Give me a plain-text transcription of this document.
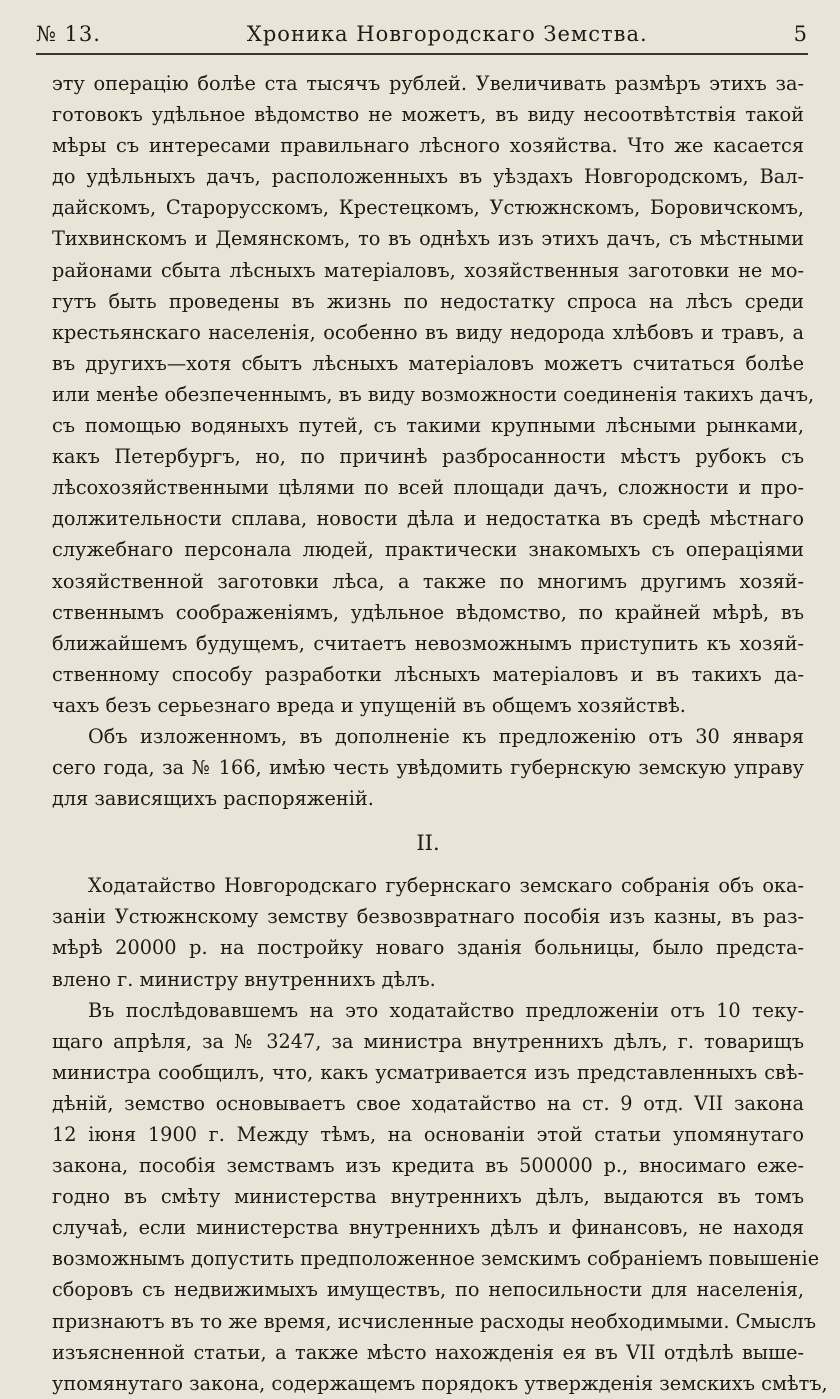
№ 13.	Хроника Новгородскаго Земства.	5
эту операцію болѣе ста тысячъ рублей. Увеличивать размѣръ этихъ за-
готовокъ удѣльное вѣдомство не можетъ, въ виду несоотвѣтствія такой
мѣры съ интересами правильнаго лѣсного хозяйства. Что же касается
до удѣльныхъ дачъ, расположенныхъ въ уѣздахъ Новгородскомъ, Вал-
дайскомъ, Старорусскомъ, Крестецкомъ, Устюжнскомъ, Боровичскомъ,
Тихвинскомъ и Демянскомъ, то въ однѣхъ изъ этихъ дачъ, съ мѣстными
районами сбыта лѣсныхъ матеріаловъ, хозяйственныя заготовки не мо-
гутъ быть проведены въ жизнь по недостатку спроса на лѣсъ среди
крестьянскаго населенія, особенно въ виду недорода хлѣбовъ и травъ, а
въ другихъ—хотя сбытъ лѣсныхъ матеріаловъ можетъ считаться болѣе
или менѣе обезпеченнымъ, въ виду возможности соединенія такихъ дачъ,
съ помощью водяныхъ путей, съ такими крупными лѣсными рынками,
какъ Петербургъ, но, по причинѣ разбросанности мѣстъ рубокъ съ
лѣсохозяйственными цѣлями по всей площади дачъ, сложности и про-
должительности сплава, новости дѣла и недостатка въ средѣ мѣстнаго
служебнаго персонала людей, практически знакомыхъ съ операціями
хозяйственной заготовки лѣса, а также по многимъ другимъ хозяй-
ственнымъ соображеніямъ, удѣльное вѣдомство, по крайней мѣрѣ, въ
ближайшемъ будущемъ, считаетъ невозможнымъ приступить къ хозяй-
ственному способу разработки лѣсныхъ матеріаловъ и въ такихъ да-
чахъ безъ серьезнаго вреда и упущеній въ общемъ хозяйствѣ.
Объ изложенномъ, въ дополненіе къ предложенію отъ 30 января
сего года, за № 166, имѣю честь увѣдомить губернскую земскую управу
для зависящихъ распоряженій.
II.
Ходатайство Новгородскаго губернскаго земскаго собранія объ ока-
заніи Устюжнскому земству безвозвратнаго пособія изъ казны, въ раз-
мѣрѣ 20000 р. на постройку новаго зданія больницы, было предста-
влено г. министру внутреннихъ дѣлъ.
Въ послѣдовавшемъ на это ходатайство предложеніи отъ 10 теку-
щаго апрѣля, за № 3247, за министра внутреннихъ дѣлъ, г. товарищъ
министра сообщилъ, что, какъ усматривается изъ представленныхъ свѣ-
дѣній, земство основываетъ свое ходатайство на ст. 9 отд. VII закона
12 іюня 1900 г. Между тѣмъ, на основаніи этой статьи упомянутаго
закона, пособія земствамъ изъ кредита въ 500000 р., вносимаго еже-
годно въ смѣту министерства внутреннихъ дѣлъ, выдаются въ томъ
случаѣ, если министерства внутреннихъ дѣлъ и финансовъ, не находя
возможнымъ допустить предположенное земскимъ собраніемъ повышеніе
сборовъ съ недвижимыхъ имуществъ, по непосильности для населенія,
признаютъ въ то же время, исчисленные расходы необходимыми. Смыслъ
изъясненной статьи, а также мѣсто нахожденія ея въ VII отдѣлѣ выше-
упомянутаго закона, содержащемъ порядокъ утвержденія земскихъ смѣтъ,
